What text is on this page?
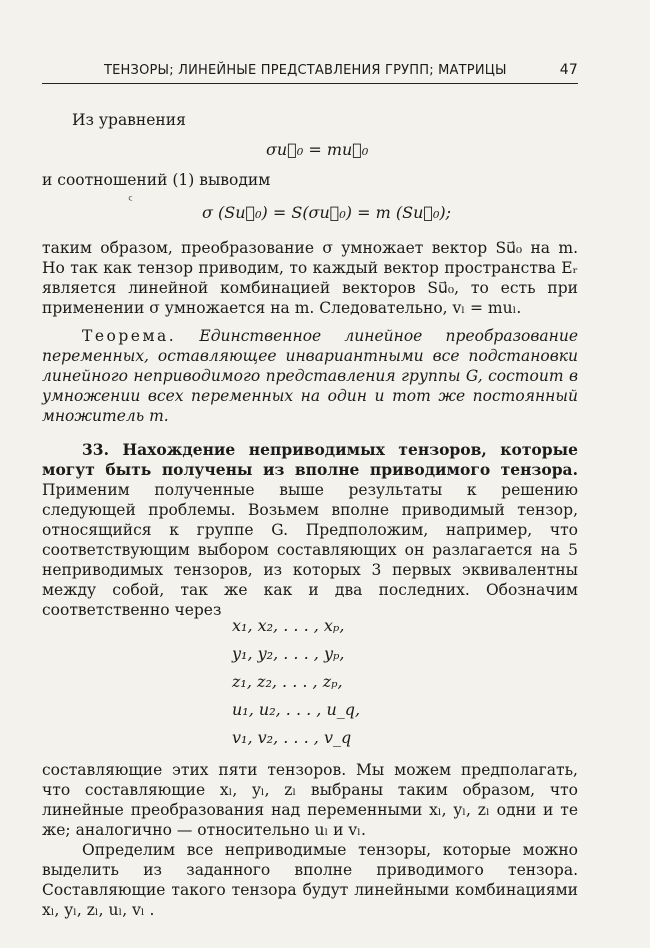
ТЕНЗОРЫ; ЛИНЕЙНЫЕ ПРЕДСТАВЛЕНИЯ ГРУПП; МАТРИЦЫ	47
Из уравнения
σu⃗₀ = mu⃗₀
и соотношений (1) выводим
σ (Su⃗₀) = S(σu⃗₀) = m (Su⃗₀);
ᑦ
таким образом, преобразование σ умножает вектор Su⃗₀ на m. Но так как тензор приводим, то каждый вектор пространства Eᵣ является линейной комбинацией векторов Su⃗₀, то есть при применении σ умножается на m. Следовательно, vₗ = muₗ.
Теорема. Единственное линейное преобразование переменных, оставляющее инвариантными все подстановки линейного неприводимого представления группы G, состоит в умножении всех переменных на один и тот же постоянный множитель m.
33. Нахождение неприводимых тензоров, которые могут быть получены из вполне приводимого тензора. Применим полученные выше результаты к решению следующей проблемы. Возьмем вполне приводимый тензор, относящийся к группе G. Предположим, например, что соответствующим выбором составляющих он разлагается на 5 неприводимых тензоров, из которых 3 первых эквивалентны между собой, так же как и два последних. Обозначим соответственно через
x₁, x₂, . . . , xₚ,
y₁, y₂, . . . , yₚ,
z₁, z₂, . . . , zₚ,
u₁, u₂, . . . , u_q,
v₁, v₂, . . . , v_q
составляющие этих пяти тензоров. Мы можем предполагать, что составляющие xₗ, yₗ, zₗ выбраны таким образом, что линейные преобразования над переменными xₗ, yₗ, zₗ одни и те же; аналогично — относительно uₗ и vₗ.
Определим все неприводимые тензоры, которые можно выделить из заданного вполне приводимого тензора. Составляющие такого тензора будут линейными комбинациями xₗ, yₗ, zₗ, uₗ, vₗ .
